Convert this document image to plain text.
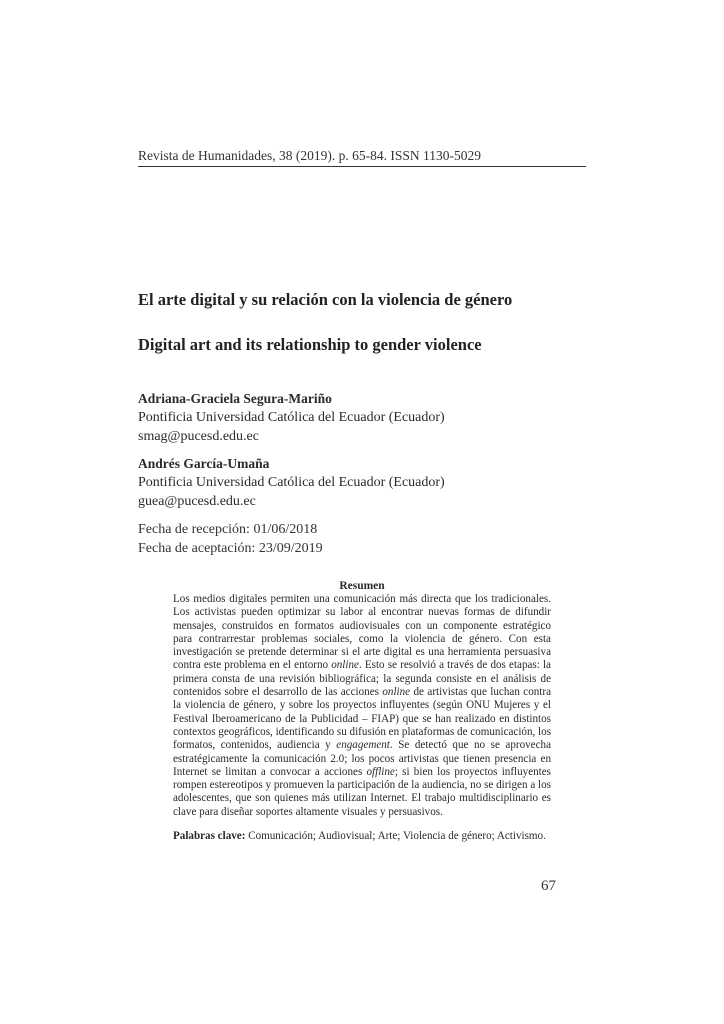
Revista de Humanidades, 38 (2019). p. 65-84. ISSN 1130-5029
El arte digital y su relación con la violencia de género
Digital art and its relationship to gender violence
Adriana-Graciela Segura-Mariño
Pontificia Universidad Católica del Ecuador (Ecuador)
smag@pucesd.edu.ec
Andrés García-Umaña
Pontificia Universidad Católica del Ecuador (Ecuador)
guea@pucesd.edu.ec
Fecha de recepción: 01/06/2018
Fecha de aceptación: 23/09/2019
Resumen

Los medios digitales permiten una comunicación más directa que los tradicionales. Los activistas pueden optimizar su labor al encontrar nuevas formas de difundir mensajes, construidos en formatos audiovisuales con un componente estratégico para contrarrestar problemas sociales, como la violencia de género. Con esta investigación se pretende determinar si el arte digital es una herramienta persuasiva contra este problema en el entorno online. Esto se resolvió a través de dos etapas: la primera consta de una revisión bibliográfica; la segunda consiste en el análisis de contenidos sobre el desarrollo de las acciones online de artivistas que luchan contra la violencia de género, y sobre los proyectos influyentes (según ONU Mujeres y el Festival Iberoamericano de la Publicidad – FIAP) que se han realizado en distintos contextos geográficos, identificando su difusión en plataformas de comunicación, los formatos, contenidos, audiencia y engagement. Se detectó que no se aprovecha estratégicamente la comunicación 2.0; los pocos artivistas que tienen presencia en Internet se limitan a convocar a acciones offline; si bien los proyectos influyentes rompen estereotipos y promueven la participación de la audiencia, no se dirigen a los adolescentes, que son quienes más utilizan Internet. El trabajo multidisciplinario es clave para diseñar soportes altamente visuales y persuasivos.

Palabras clave: Comunicación; Audiovisual; Arte; Violencia de género; Activismo.

67
